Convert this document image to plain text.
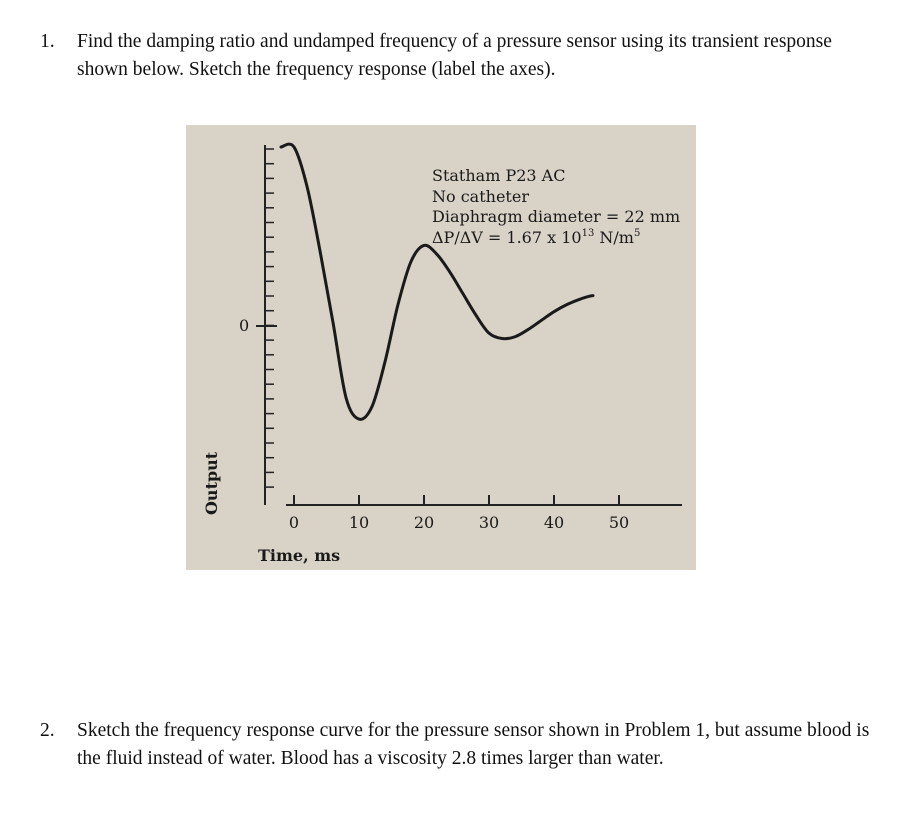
1. Find the damping ratio and undamped frequency of a pressure sensor using its transient response shown below. Sketch the frequency response (label the axes).
0
Output
0	10	20	30	40	50
Time, ms
Statham P23 AC
No catheter
Diaphragm diameter = 22 mm
ΔP/ΔV = 1.67 x $10^{13}$ $N/m^5$
2. Sketch the frequency response curve for the pressure sensor shown in Problem 1, but assume blood is the fluid instead of water. Blood has a viscosity 2.8 times larger than water.
